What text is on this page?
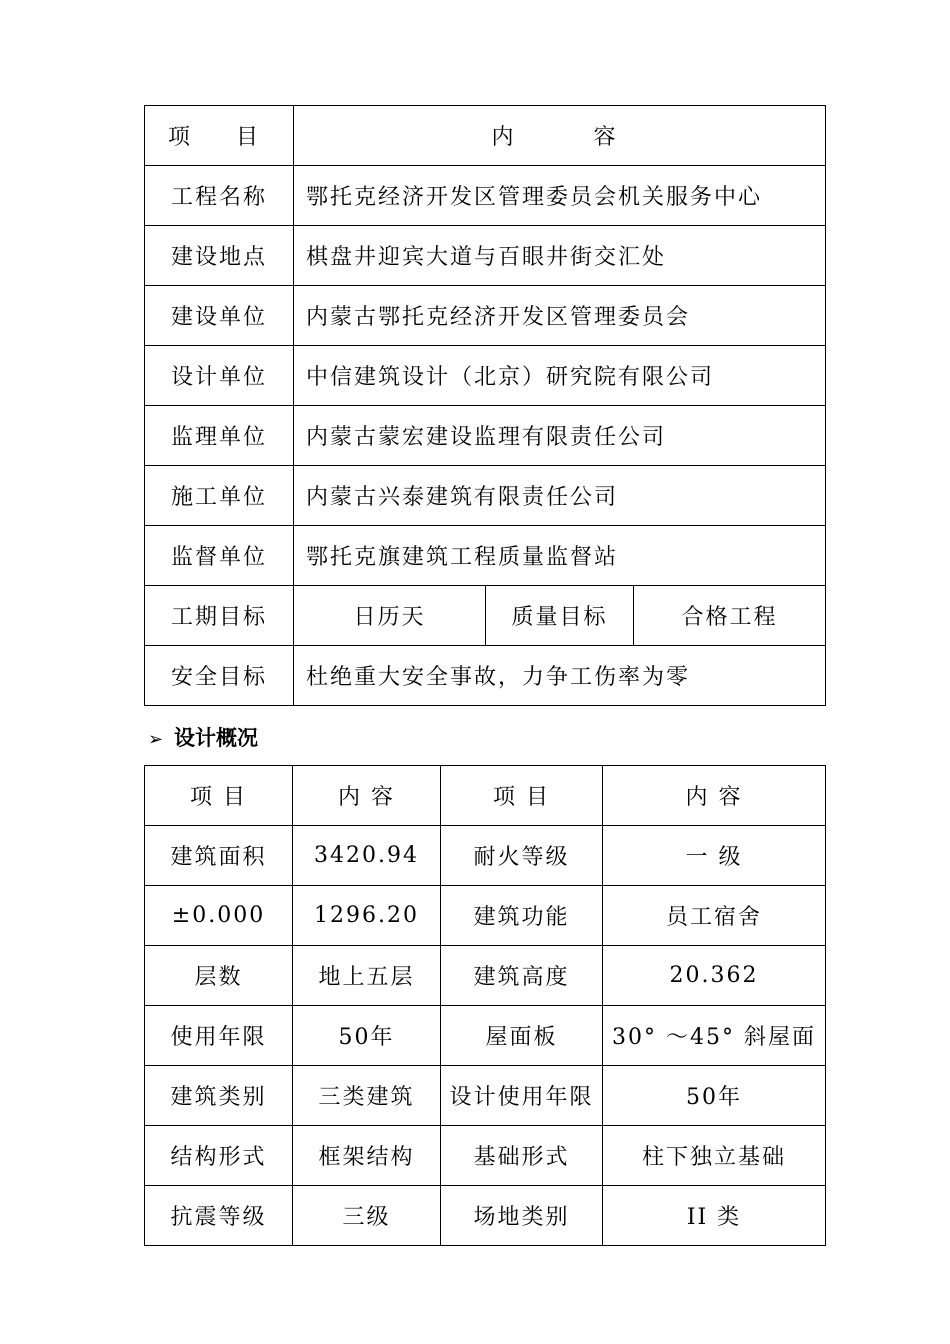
项　目	内　　容		
工程名称	鄂托克经济开发区管理委员会机关服务中心		
建设地点	棋盘井迎宾大道与百眼井街交汇处		
建设单位	内蒙古鄂托克经济开发区管理委员会		
设计单位	中信建筑设计（北京）研究院有限公司		
监理单位	内蒙古蒙宏建设监理有限责任公司		
施工单位	内蒙古兴泰建筑有限责任公司		
监督单位	鄂托克旗建筑工程质量监督站		
工期目标	日历天	质量目标	合格工程
安全目标	杜绝重大安全事故，力争工伤率为零		
➢ 设计概况
项 目	内 容	项 目	内 容
建筑面积	3420.94	耐火等级	一 级
±0.000	1296.20	建筑功能	员工宿舍
层数	地上五层	建筑高度	20.362
使用年限	50年	屋面板	30° ～45° 斜屋面
建筑类别	三类建筑	设计使用年限	50年
结构形式	框架结构	基础形式	柱下独立基础
抗震等级	三级	场地类别	II 类
